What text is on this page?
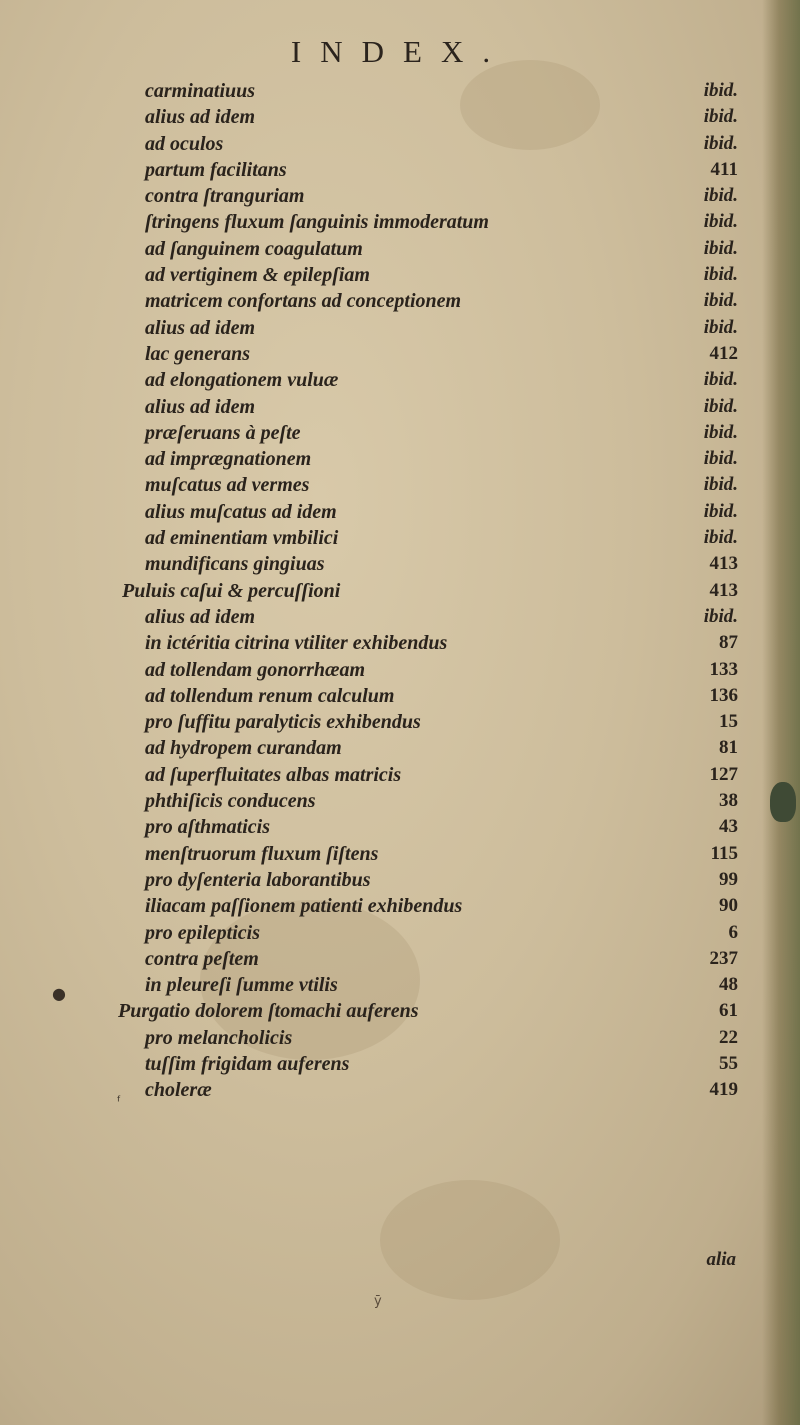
INDEX.
carminatiuus	ibid.
alius ad idem	ibid.
ad oculos	ibid.
partum facilitans	411
contra ſtranguriam	ibid.
ſtringens fluxum ſanguinis immoderatum	ibid.
ad ſanguinem coagulatum	ibid.
ad vertiginem & epilepſiam	ibid.
matricem confortans ad conceptionem	ibid.
alius ad idem	ibid.
lac generans	412
ad elongationem vuluæ	ibid.
alius ad idem	ibid.
præſeruans à peſte	ibid.
ad imprægnationem	ibid.
muſcatus ad vermes	ibid.
alius muſcatus ad idem	ibid.
ad eminentiam vmbilici	ibid.
mundificans gingiuas	413
Puluis caſui & percuſſioni	413
alius ad idem	ibid.
in ictéritia citrina vtiliter exhibendus	87
ad tollendam gonorrhæam	133
ad tollendum renum calculum	136
pro ſuffitu paralyticis exhibendus	15
ad hydropem curandam	81
ad ſuperfluitates albas matricis	127
phthiſicis conducens	38
pro aſthmaticis	43
menſtruorum fluxum ſiſtens	115
pro dyſenteria laborantibus	99
iliacam paſſionem patienti exhibendus	90
pro epilepticis	6
contra peſtem	237
in pleureſi ſumme vtilis	48
Purgatio dolorem ſtomachi auferens	61
pro melancholicis	22
tuſſim frigidam auferens	55
choleræ	419
alia
●
ᶠ
ȳ
